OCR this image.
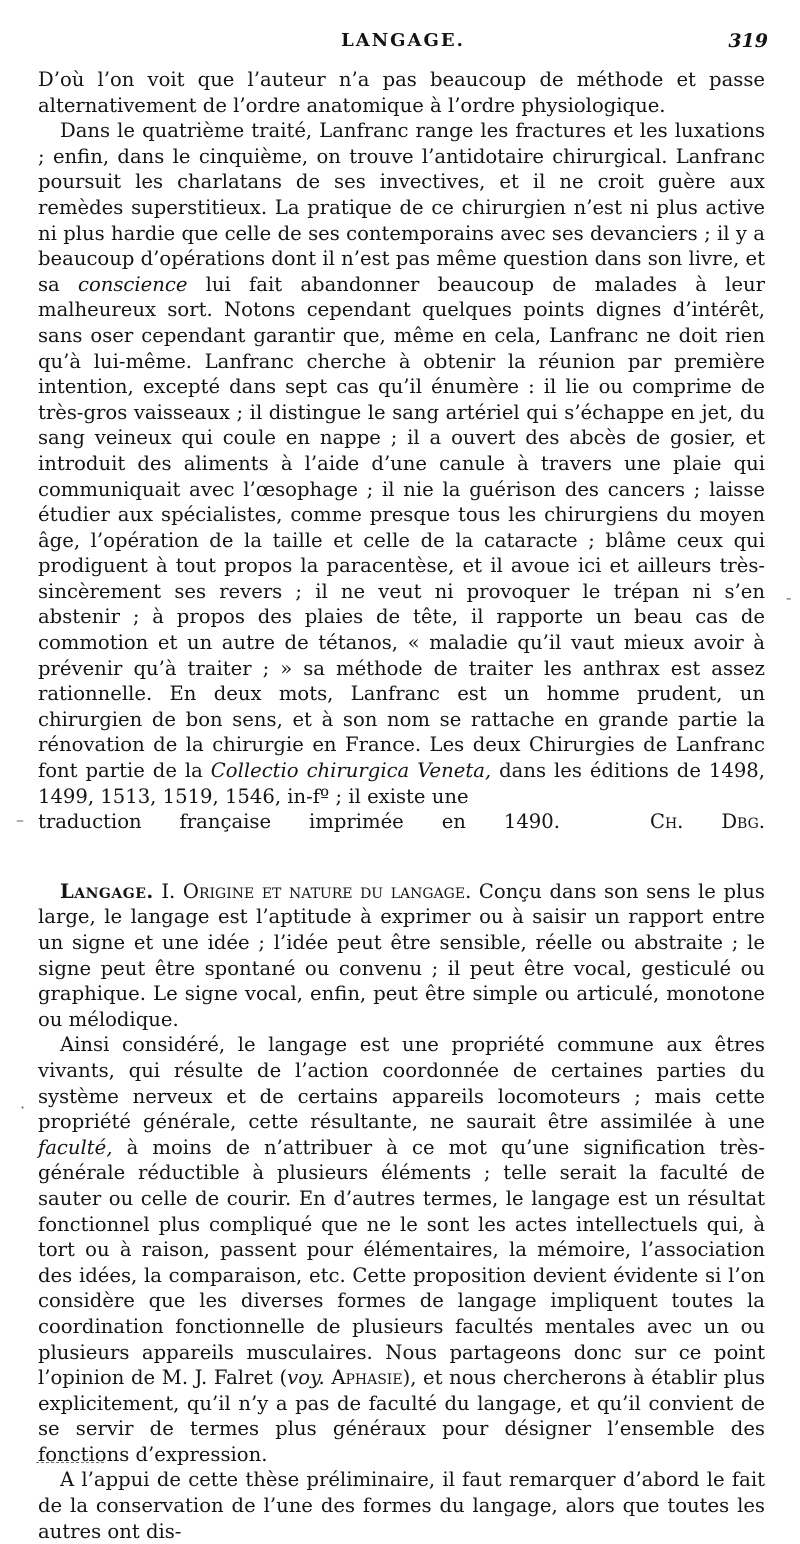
LANGAGE.	319

D’où l’on voit que l’auteur n’a pas beaucoup de méthode et passe alternativement de l’ordre anatomique à l’ordre physiologique.

Dans le quatrième traité, Lanfranc range les fractures et les luxations ; enfin, dans le cinquième, on trouve l’antidotaire chirurgical. Lanfranc poursuit les charlatans de ses invectives, et il ne croit guère aux remèdes superstitieux. La pratique de ce chirurgien n’est ni plus active ni plus hardie que celle de ses contemporains avec ses devanciers ; il y a beaucoup d’opérations dont il n’est pas même question dans son livre, et sa conscience lui fait abandonner beaucoup de malades à leur malheureux sort. Notons cependant quelques points dignes d’intérêt, sans oser cependant garantir que, même en cela, Lanfranc ne doit rien qu’à lui-même. Lanfranc cherche à obtenir la réunion par première intention, excepté dans sept cas qu’il énumère : il lie ou comprime de très-gros vaisseaux ; il distingue le sang artériel qui s’échappe en jet, du sang veineux qui coule en nappe ; il a ouvert des abcès de gosier, et introduit des aliments à l’aide d’une canule à travers une plaie qui communiquait avec l’œsophage ; il nie la guérison des cancers ; laisse étudier aux spécialistes, comme presque tous les chirurgiens du moyen âge, l’opération de la taille et celle de la cataracte ; blâme ceux qui prodiguent à tout propos la paracentèse, et il avoue ici et ailleurs très-sincèrement ses revers ; il ne veut ni provoquer le trépan ni s’en abstenir ; à propos des plaies de tête, il rapporte un beau cas de commotion et un autre de tétanos, « maladie qu’il vaut mieux avoir à prévenir qu’à traiter ; » sa méthode de traiter les anthrax est assez rationnelle. En deux mots, Lanfranc est un homme prudent, un chirurgien de bon sens, et à son nom se rattache en grande partie la rénovation de la chirurgie en France. Les deux Chirurgies de Lanfranc font partie de la Collectio chirurgica Veneta, dans les éditions de 1498, 1499, 1513, 1519, 1546, in-fº ; il existe une

traduction française imprimée en 1490.	Ch. Dbg.

Langage. I. Origine et nature du langage. Conçu dans son sens le plus large, le langage est l’aptitude à exprimer ou à saisir un rapport entre un signe et une idée ; l’idée peut être sensible, réelle ou abstraite ; le signe peut être spontané ou convenu ; il peut être vocal, gesticulé ou graphique. Le signe vocal, enfin, peut être simple ou articulé, monotone ou mélodique.

Ainsi considéré, le langage est une propriété commune aux êtres vivants, qui résulte de l’action coordonnée de certaines parties du système nerveux et de certains appareils locomoteurs ; mais cette propriété générale, cette résultante, ne saurait être assimilée à une faculté, à moins de n’attribuer à ce mot qu’une signification très-générale réductible à plusieurs éléments ; telle serait la faculté de sauter ou celle de courir. En d’autres termes, le langage est un résultat fonctionnel plus compliqué que ne le sont les actes intellectuels qui, à tort ou à raison, passent pour élémentaires, la mémoire, l’association des idées, la comparaison, etc. Cette proposition devient évidente si l’on considère que les diverses formes de langage impliquent toutes la coordination fonctionnelle de plusieurs facultés mentales avec un ou plusieurs appareils musculaires. Nous partageons donc sur ce point l’opinion de M. J. Falret (voy. Aphasie), et nous chercherons à établir plus explicitement, qu’il n’y a pas de faculté du langage, et qu’il convient de se servir de termes plus généraux pour désigner l’ensemble des fonctions d’expression.

A l’appui de cette thèse préliminaire, il faut remarquer d’abord le fait de la conservation de l’une des formes du langage, alors que toutes les autres ont dis-

–
·
-
